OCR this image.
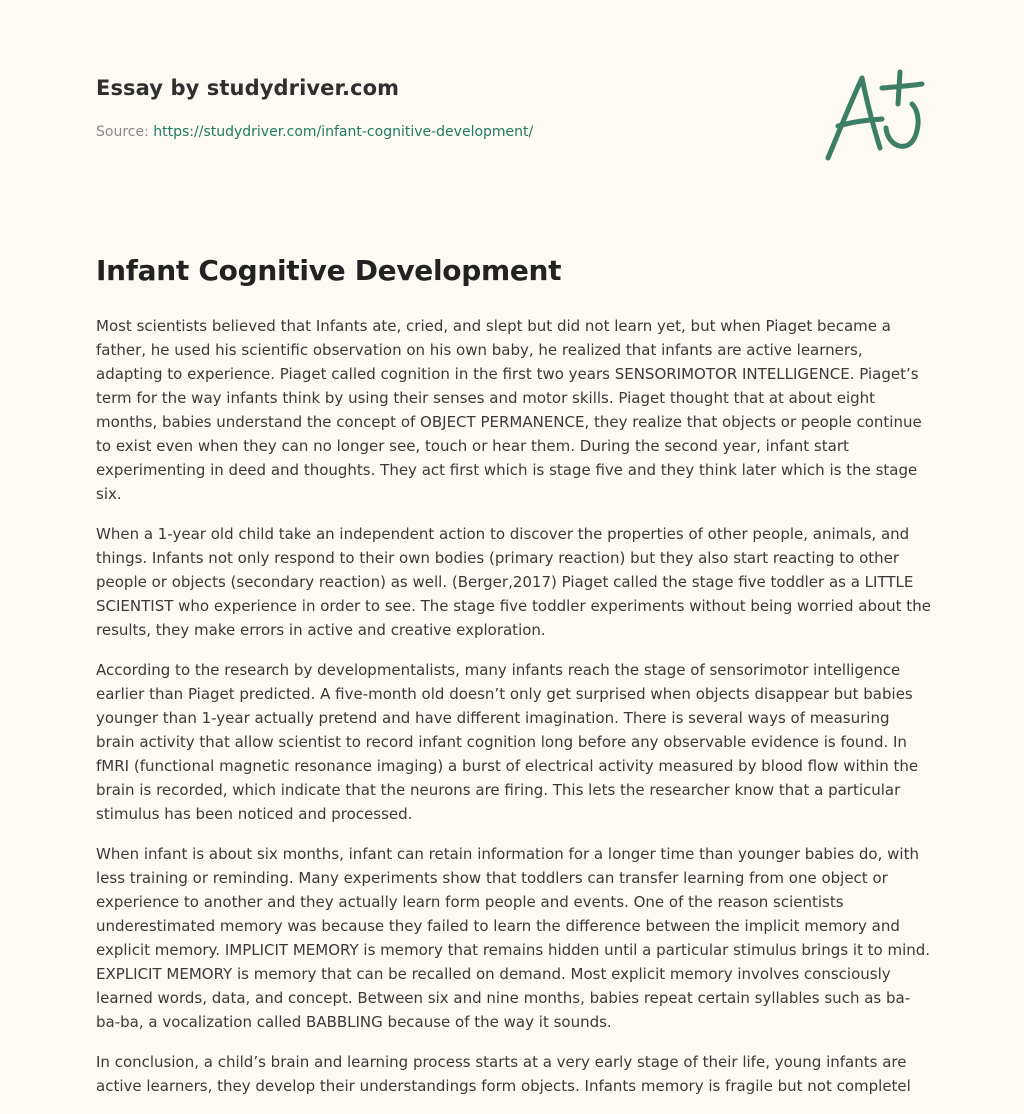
Essay by studydriver.com
Source: https://studydriver.com/infant-cognitive-development/
Infant Cognitive Development

Most scientists believed that Infants ate, cried, and slept but did not learn yet, but when Piaget became a father, he used his scientific observation on his own baby, he realized that infants are active learners, adapting to experience. Piaget called cognition in the first two years SENSORIMOTOR INTELLIGENCE. Piaget’s term for the way infants think by using their senses and motor skills. Piaget thought that at about eight months, babies understand the concept of OBJECT PERMANENCE, they realize that objects or people continue to exist even when they can no longer see, touch or hear them. During the second year, infant start experimenting in deed and thoughts. They act first which is stage five and they think later which is the stage six.

When a 1-year old child take an independent action to discover the properties of other people, animals, and things. Infants not only respond to their own bodies (primary reaction) but they also start reacting to other people or objects (secondary reaction) as well. (Berger,2017) Piaget called the stage five toddler as a LITTLE SCIENTIST who experience in order to see. The stage five toddler experiments without being worried about the results, they make errors in active and creative exploration.

According to the research by developmentalists, many infants reach the stage of sensorimotor intelligence earlier than Piaget predicted. A five-month old doesn’t only get surprised when objects disappear but babies younger than 1-year actually pretend and have different imagination. There is several ways of measuring brain activity that allow scientist to record infant cognition long before any observable evidence is found. In fMRI (functional magnetic resonance imaging) a burst of electrical activity measured by blood flow within the brain is recorded, which indicate that the neurons are firing. This lets the researcher know that a particular stimulus has been noticed and processed.

When infant is about six months, infant can retain information for a longer time than younger babies do, with less training or reminding. Many experiments show that toddlers can transfer learning from one object or experience to another and they actually learn form people and events. One of the reason scientists underestimated memory was because they failed to learn the difference between the implicit memory and explicit memory. IMPLICIT MEMORY is memory that remains hidden until a particular stimulus brings it to mind. EXPLICIT MEMORY is memory that can be recalled on demand. Most explicit memory involves consciously learned words, data, and concept. Between six and nine months, babies repeat certain syllables such as ba-ba-ba, a vocalization called BABBLING because of the way it sounds.

In conclusion, a child’s brain and learning process starts at a very early stage of their life, young infants are active learners, they develop their understandings form objects. Infants memory is fragile but not completel
